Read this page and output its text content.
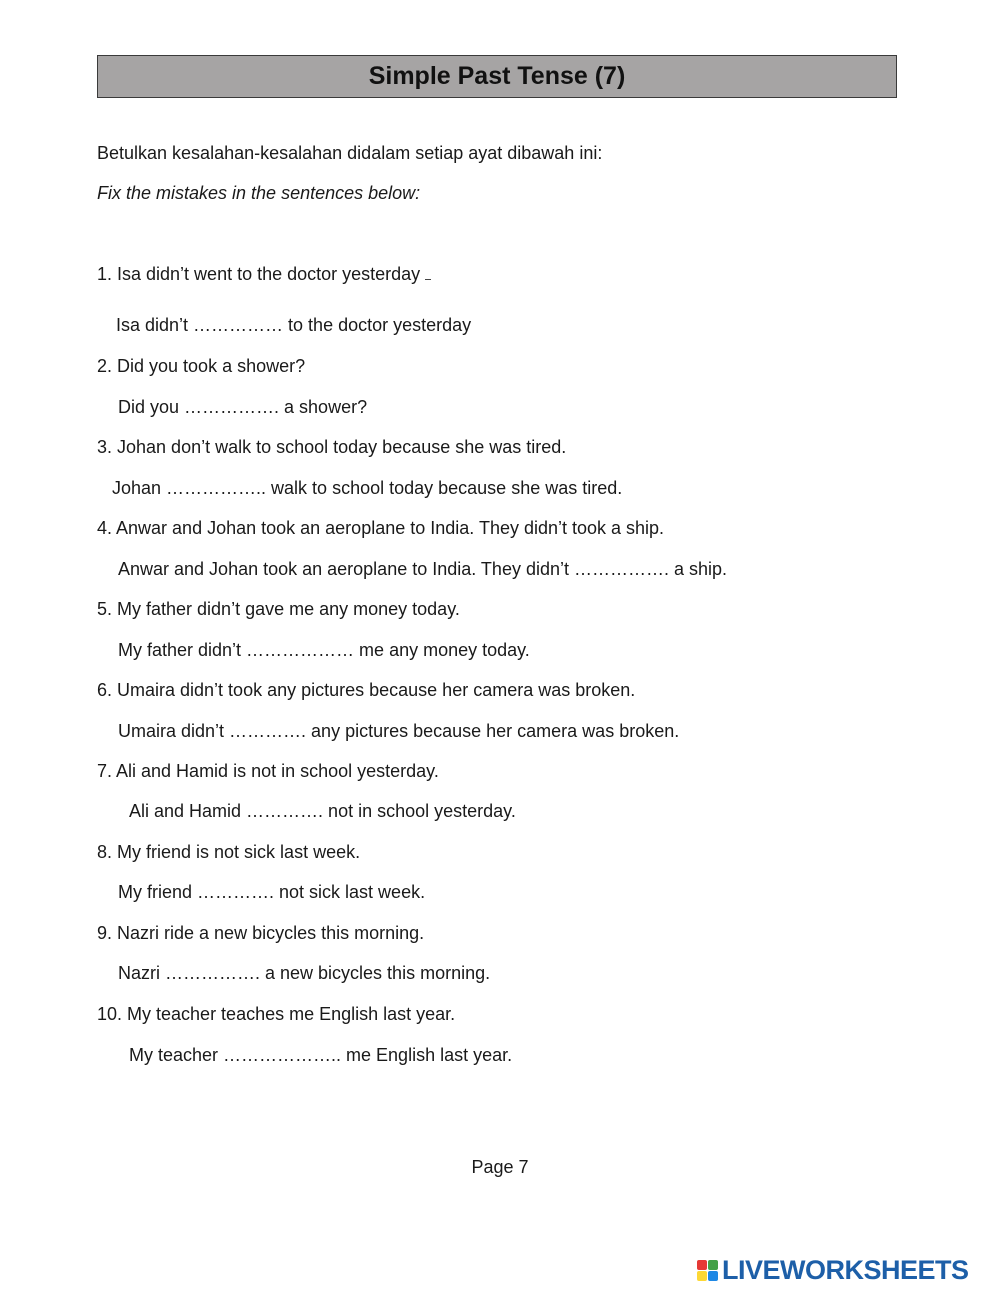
Simple Past Tense (7)
Betulkan kesalahan-kesalahan didalam setiap ayat dibawah ini:
Fix the mistakes in the sentences below:
1. Isa didn’t went to the doctor yesterday
Isa didn’t …………… to the doctor yesterday
2. Did you took a shower?
Did you ……………. a shower?
3. Johan don’t walk to school today because she was tired.
Johan …………….. walk to school today because she was tired.
4. Anwar and Johan took an aeroplane to India. They didn’t took a ship.
Anwar and Johan took an aeroplane to India. They didn’t ……………. a ship.
5. My father didn’t gave me any money today.
My father didn’t ……………… me any money today.
6. Umaira didn’t took any pictures because her camera was broken.
Umaira didn’t …………. any pictures because her camera was broken.
7. Ali and Hamid is not in school yesterday.
Ali and Hamid …………. not in school yesterday.
8. My friend is not sick last week.
My friend …………. not sick last week.
9. Nazri ride a new bicycles this morning.
Nazri ……………. a new bicycles this morning.
10. My teacher teaches me English last year.
My teacher ……………….. me English last year.
Page 7
LIVEWORKSHEETS
